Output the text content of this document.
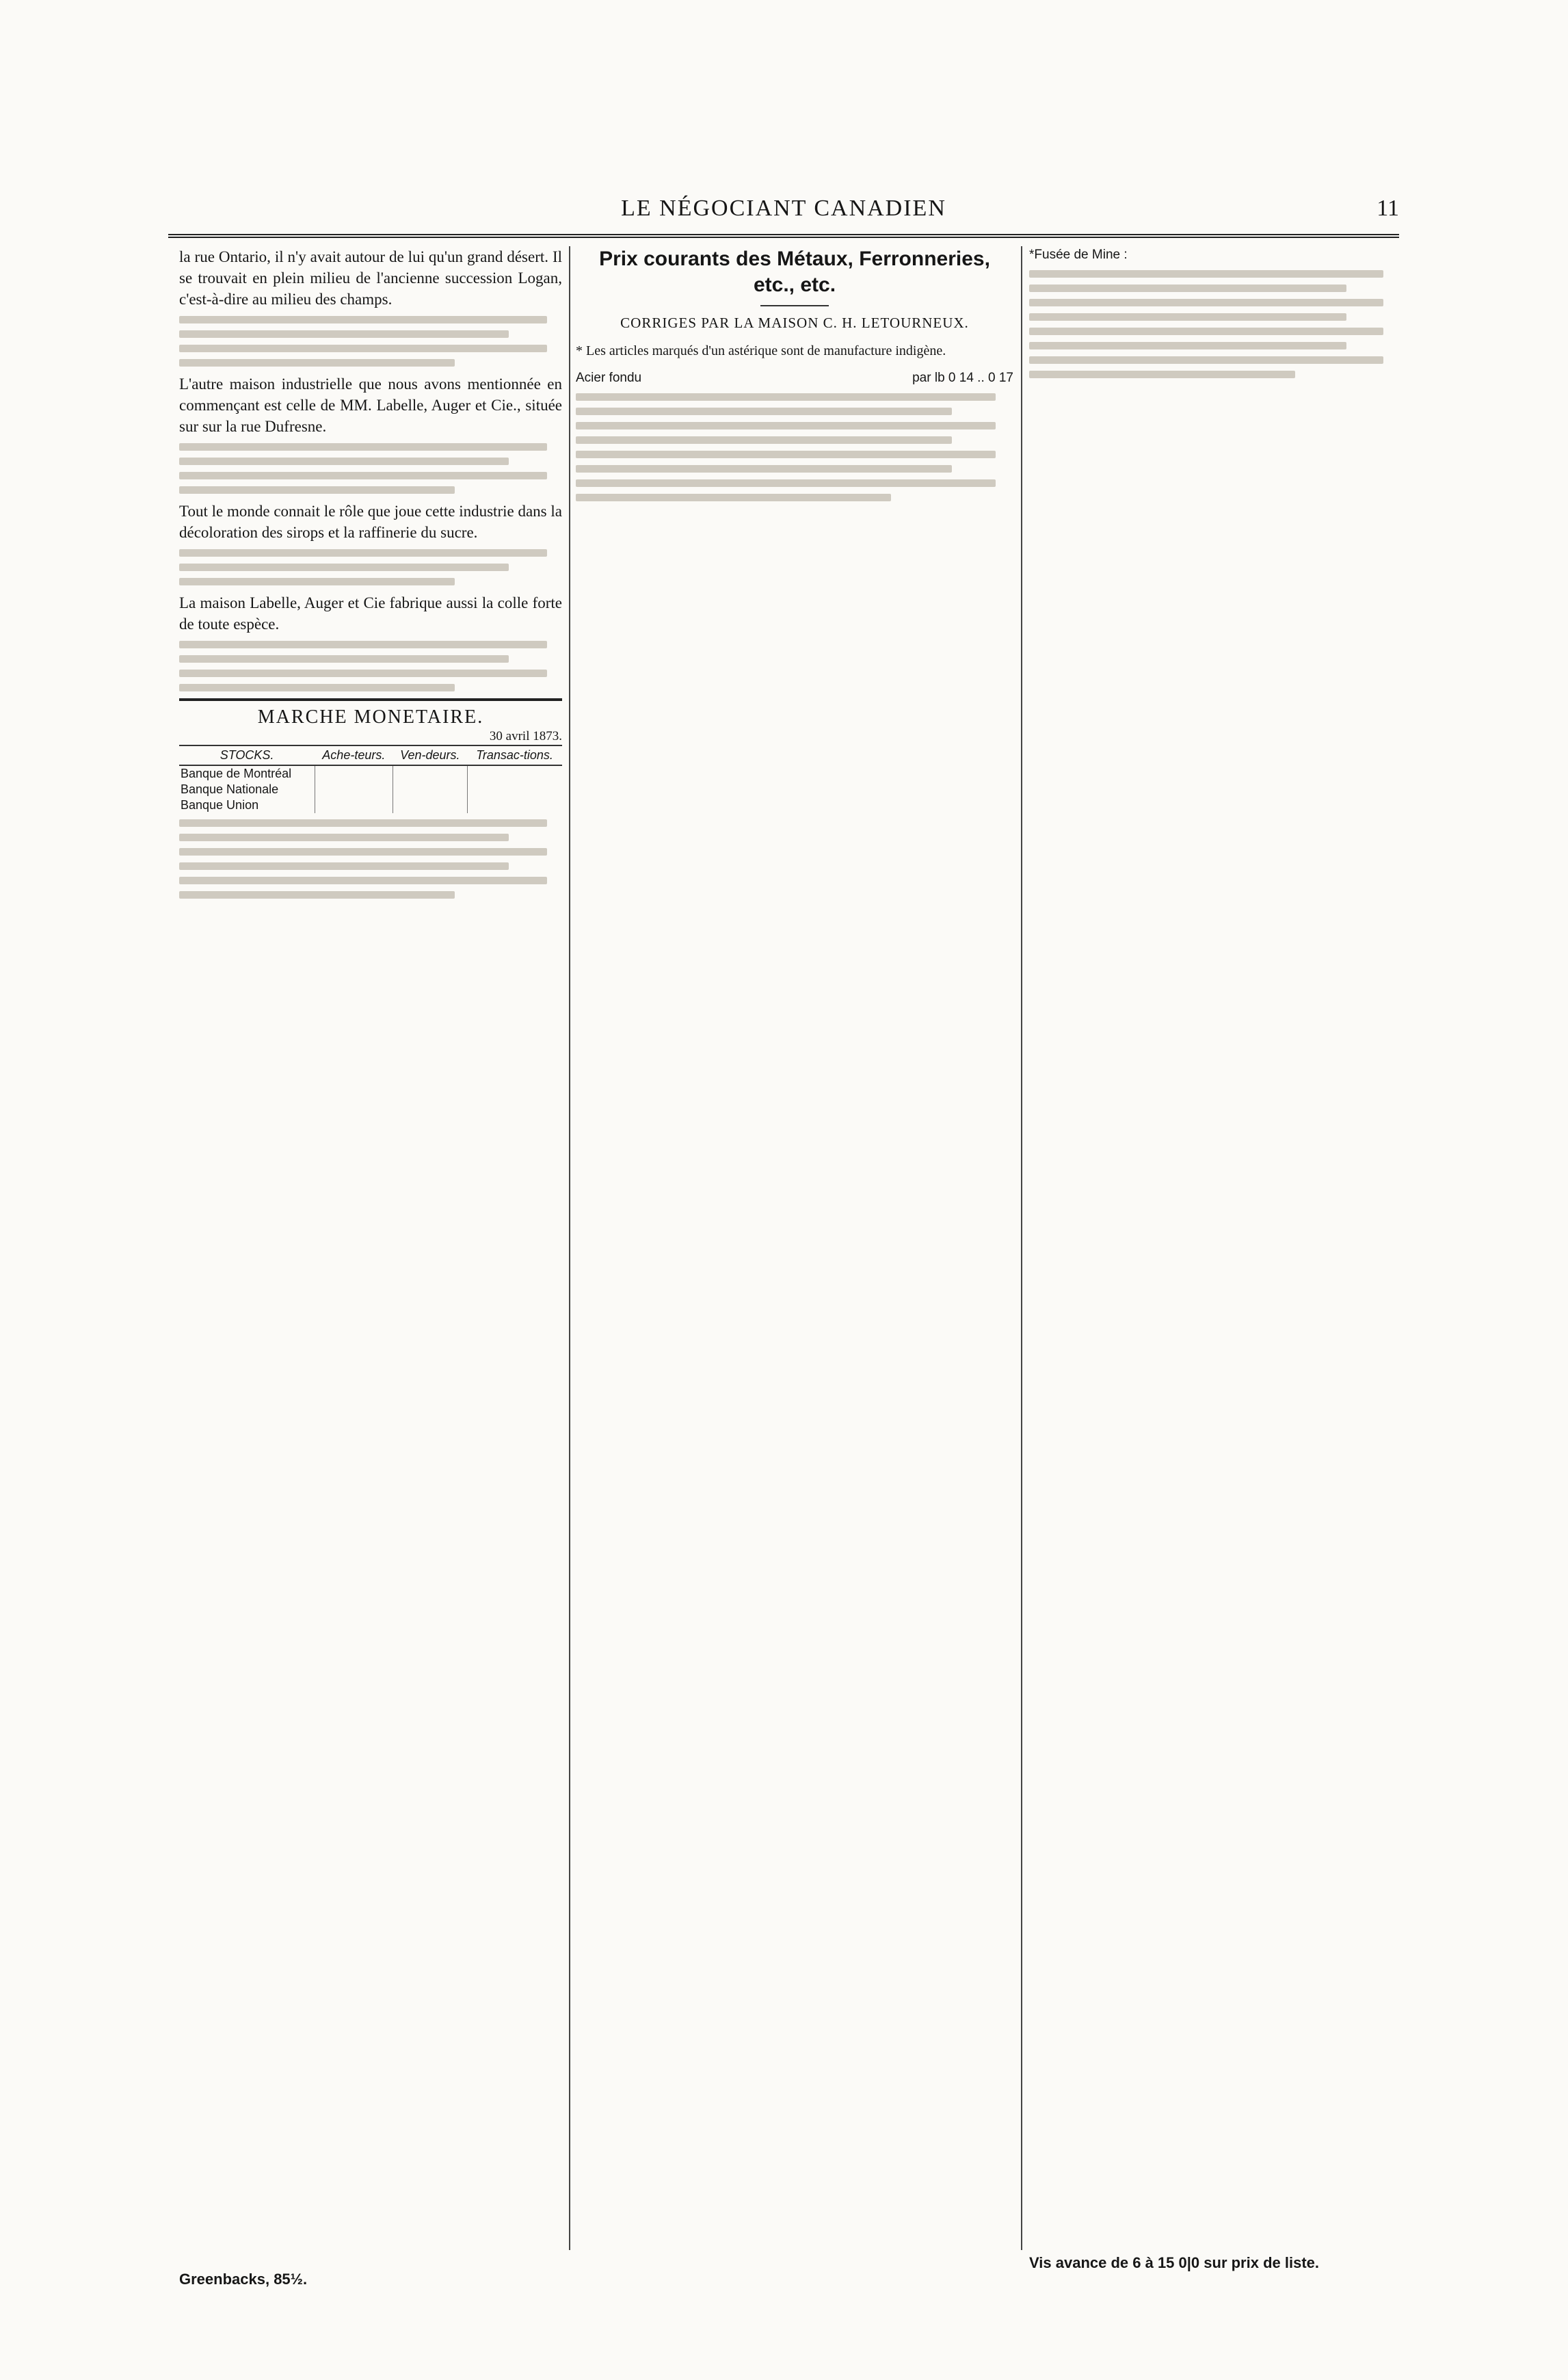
LE NÉGOCIANT CANADIEN	11

la rue Ontario, il n'y avait autour de lui qu'un grand désert. Il se trouvait en plein milieu de l'ancienne succession Logan, c'est-à-dire au milieu des champs.

L'autre maison industrielle que nous avons mentionnée en commençant est celle de MM. Labelle, Auger et Cie., située sur sur la rue Dufresne.

Tout le monde connait le rôle que joue cette industrie dans la décoloration des sirops et la raffinerie du sucre.

La maison Labelle, Auger et Cie fabrique aussi la colle forte de toute espèce.

MARCHE MONETAIRE.
30 avril 1873.
STOCKS.	Ache-teurs.	Ven-deurs.	Transac-tions.
Banque de Montréal			
Banque Nationale			
Banque Union			
Greenbacks, 85½.
Prix courants des Métaux, Ferronneries, etc., etc.
CORRIGES PAR LA MAISON C. H. LETOURNEUX.
* Les articles marqués d'un astérique sont de manufacture indigène.
Acier fondu	par lb 0 14 .. 0 17
*Fusée de Mine :
Vis avance de 6 à 15 0|0 sur prix de liste.
